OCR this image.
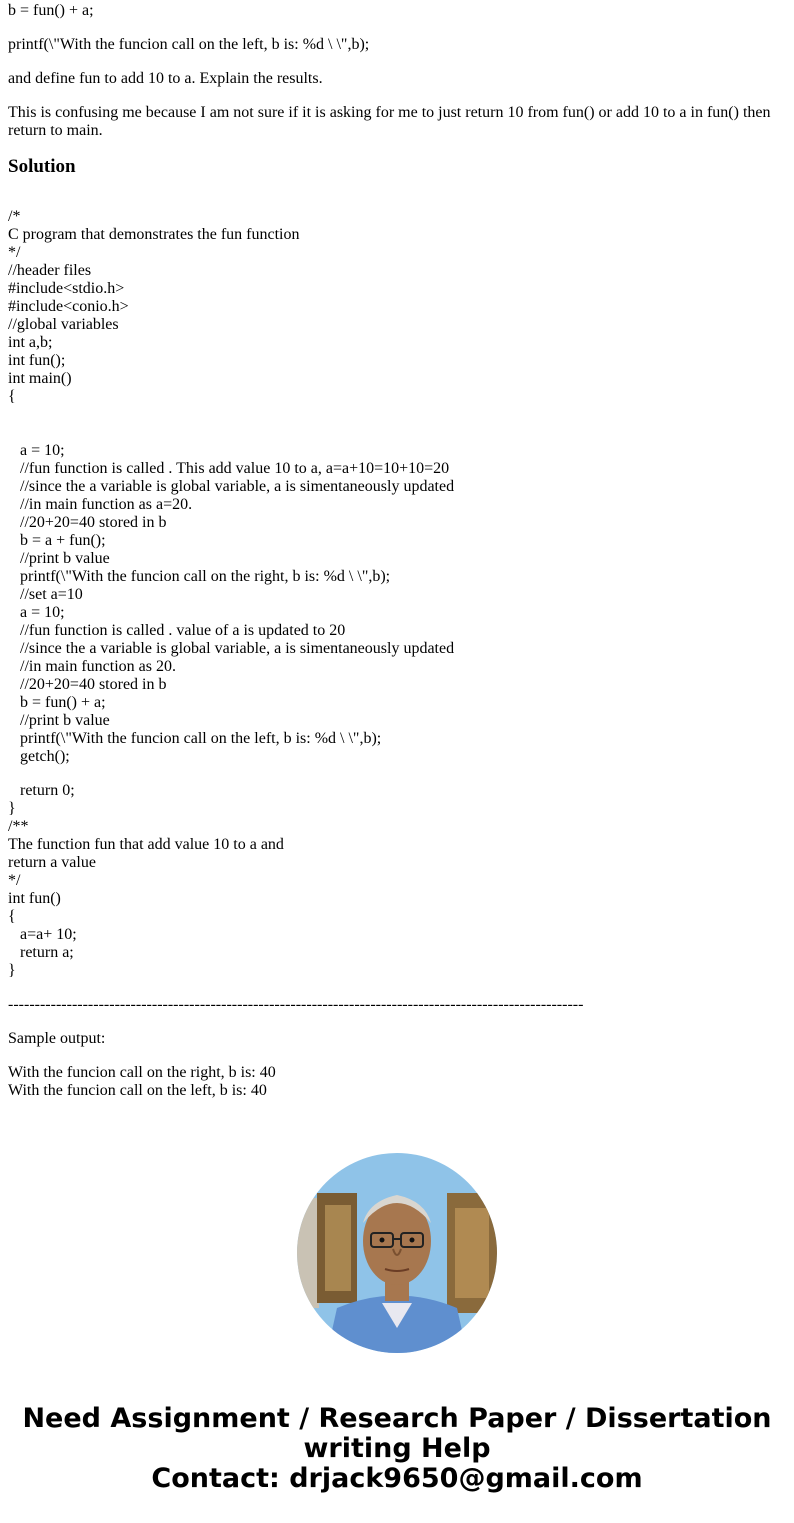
b = fun() + a;
printf(\"With the funcion call on the left, b is: %d \ \",b);
and define fun to add 10 to a. Explain the results.
This is confusing me because I am not sure if it is asking for me to just return 10 from fun() or add 10 to a in fun() then return to main.
Solution
/*
C program that demonstrates the fun function
*/
//header files
#include<stdio.h>
#include<conio.h>
//global variables
int a,b;
int fun();
int main()
{
a = 10;
//fun function is called . This add value 10 to a, a=a+10=10+10=20
//since the a variable is global variable, a is simentaneously updated
//in main function as a=20.
//20+20=40 stored in b
b = a + fun();
//print b value
printf(\"With the funcion call on the right, b is: %d \ \",b);
//set a=10
a = 10;
//fun function is called . value of a is updated to 20
//since the a variable is global variable, a is simentaneously updated
//in main function as 20.
//20+20=40 stored in b
b = fun() + a;
//print b value
printf(\"With the funcion call on the left, b is: %d \ \",b);
getch();
return 0;
}
/**
The function fun that add value 10 to a and
return a value
*/
int fun()
{
a=a+ 10;
return a;
}
------------------------------------------------------------------------------------------------------------
Sample output:
With the funcion call on the right, b is: 40
With the funcion call on the left, b is: 40
Need Assignment / Research Paper / Dissertation
writing Help
Contact: drjack9650@gmail.com
